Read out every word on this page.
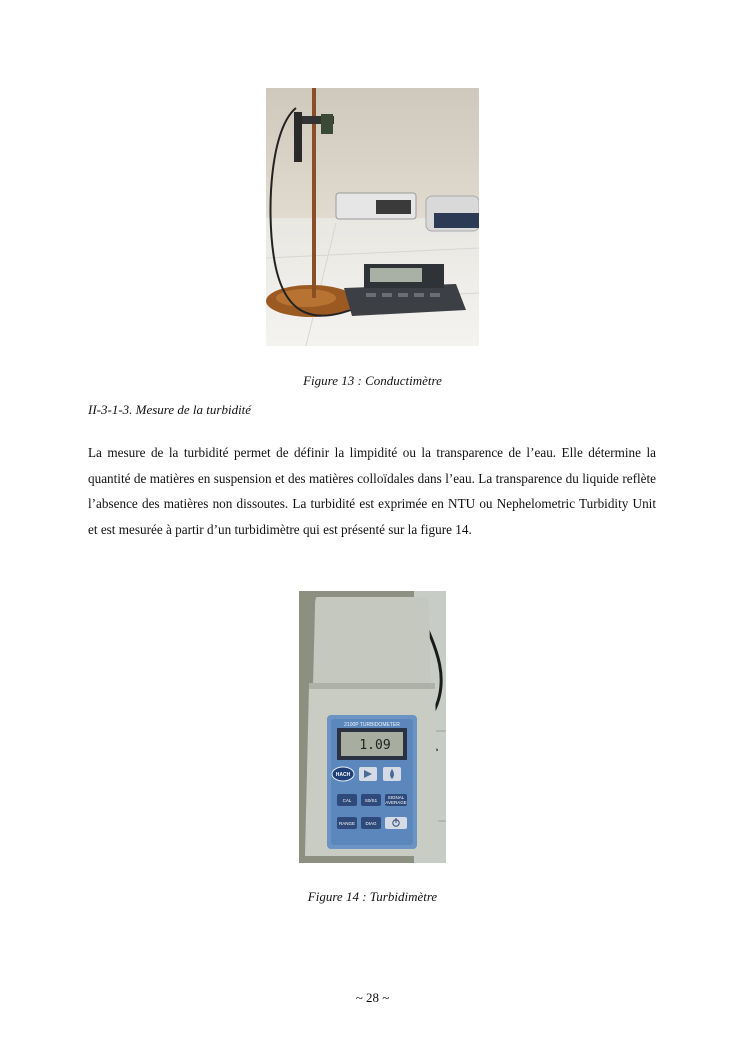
Figure 13 : Conductimètre
II-3-1-3. Mesure de la turbidité

La mesure de la turbidité permet de définir la limpidité ou la transparence de l’eau. Elle détermine la quantité de matières en suspension et des matières colloïdales dans l’eau. La transparence du liquide reflète l’absence des matières non dissoutes. La turbidité est exprimée en NTU ou Nephelometric Turbidity Unit et est mesurée à partir d’un turbidimètre qui est présenté sur la figure 14.

2100P TURBIDOMETER
1.09
HACH
CAL	S0/S1
SIGNAL
AVERAGE
RANGE DIAG
Figure 14 : Turbidimètre
~ 28 ~
